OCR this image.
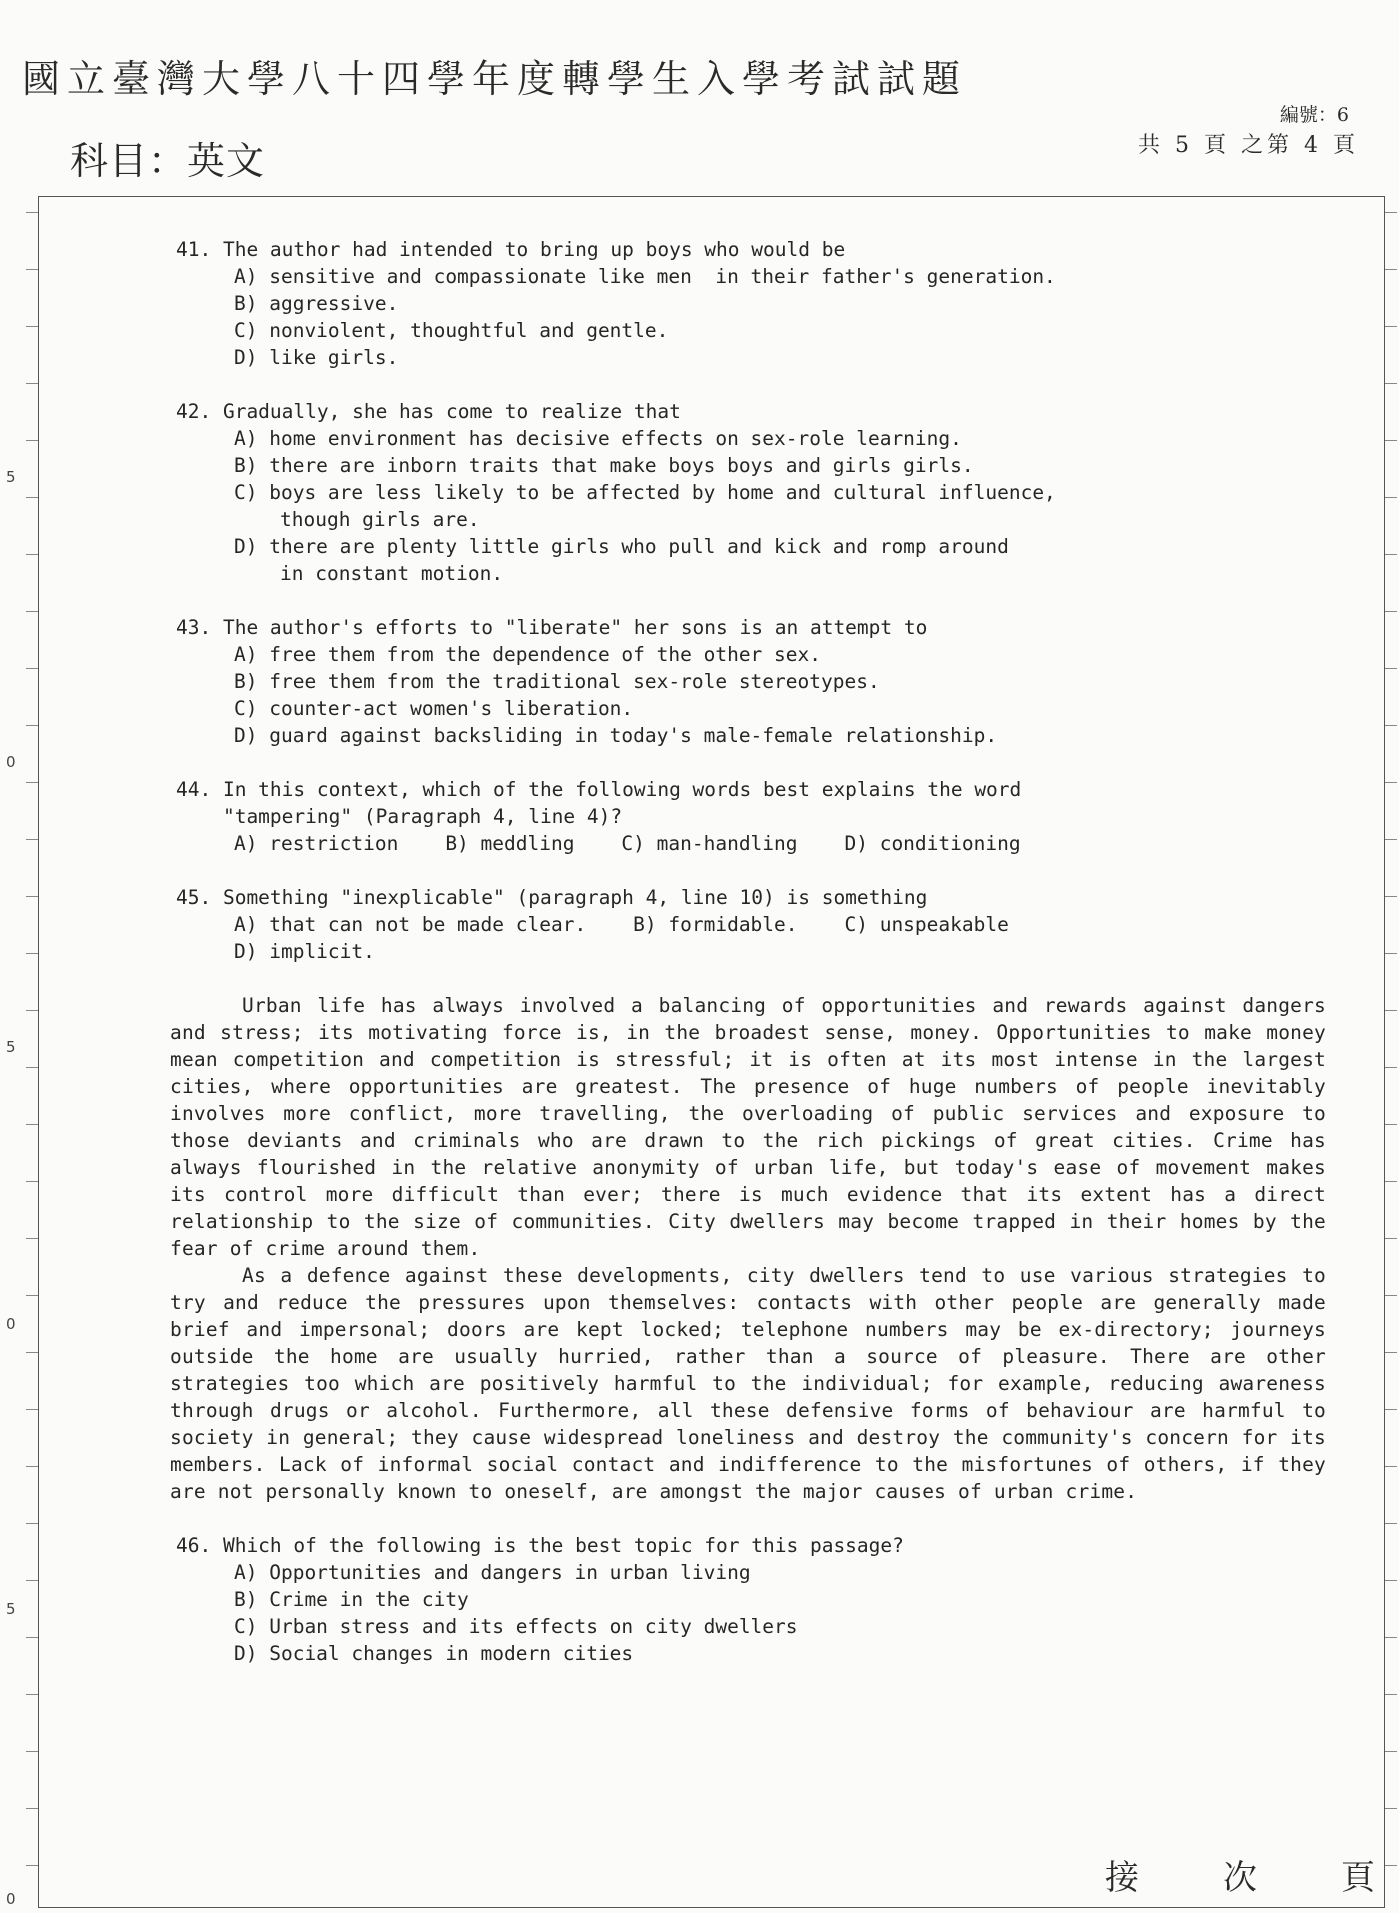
國立臺灣大學八十四學年度轉學生入學考試試題
科目：英文
編號：6
共 5 頁 之第 4 頁
5
0
5
0
5
0
41. The author had intended to bring up boys who would be
A) sensitive and compassionate like men  in their father's generation.
B) aggressive.
C) nonviolent, thoughtful and gentle.
D) like girls.
42. Gradually, she has come to realize that
A) home environment has decisive effects on sex-role learning.
B) there are inborn traits that make boys boys and girls girls.
C) boys are less likely to be affected by home and cultural influence,
though girls are.
D) there are plenty little girls who pull and kick and romp around
in constant motion.
43. The author's efforts to "liberate" her sons is an attempt to
A) free them from the dependence of the other sex.
B) free them from the traditional sex-role stereotypes.
C) counter-act women's liberation.
D) guard against backsliding in today's male-female relationship.
44. In this context, which of the following words best explains the word
"tampering" (Paragraph 4, line 4)?
A) restriction    B) meddling    C) man-handling    D) conditioning
45. Something "inexplicable" (paragraph 4, line 10) is something
A) that can not be made clear.    B) formidable.    C) unspeakable
D) implicit.

Urban life has always involved a balancing of opportunities and rewards against dangers and stress; its motivating force is, in the broadest sense, money. Opportunities to make money mean competition and competition is stressful; it is often at its most intense in the largest cities, where opportunities are greatest. The presence of huge numbers of people inevitably involves more conflict, more travelling, the overloading of public services and exposure to those deviants and criminals who are drawn to the rich pickings of great cities. Crime has always flourished in the relative anonymity of urban life, but today's ease of movement makes its control more difficult than ever; there is much evidence that its extent has a direct relationship to the size of communities. City dwellers may become trapped in their homes by the fear of crime around them.

As a defence against these developments, city dwellers tend to use various strategies to try and reduce the pressures upon themselves: contacts with other people are generally made brief and impersonal; doors are kept locked; telephone numbers may be ex-directory; journeys outside the home are usually hurried, rather than a source of pleasure. There are other strategies too which are positively harmful to the individual; for example, reducing awareness through drugs or alcohol. Furthermore, all these defensive forms of behaviour are harmful to society in general; they cause widespread loneliness and destroy the community's concern for its members. Lack of informal social contact and indifference to the misfortunes of others, if they are not personally known to oneself, are amongst the major causes of urban crime.

46. Which of the following is the best topic for this passage?
A) Opportunities and dangers in urban living
B) Crime in the city
C) Urban stress and its effects on city dwellers
D) Social changes in modern cities
接 次 頁
